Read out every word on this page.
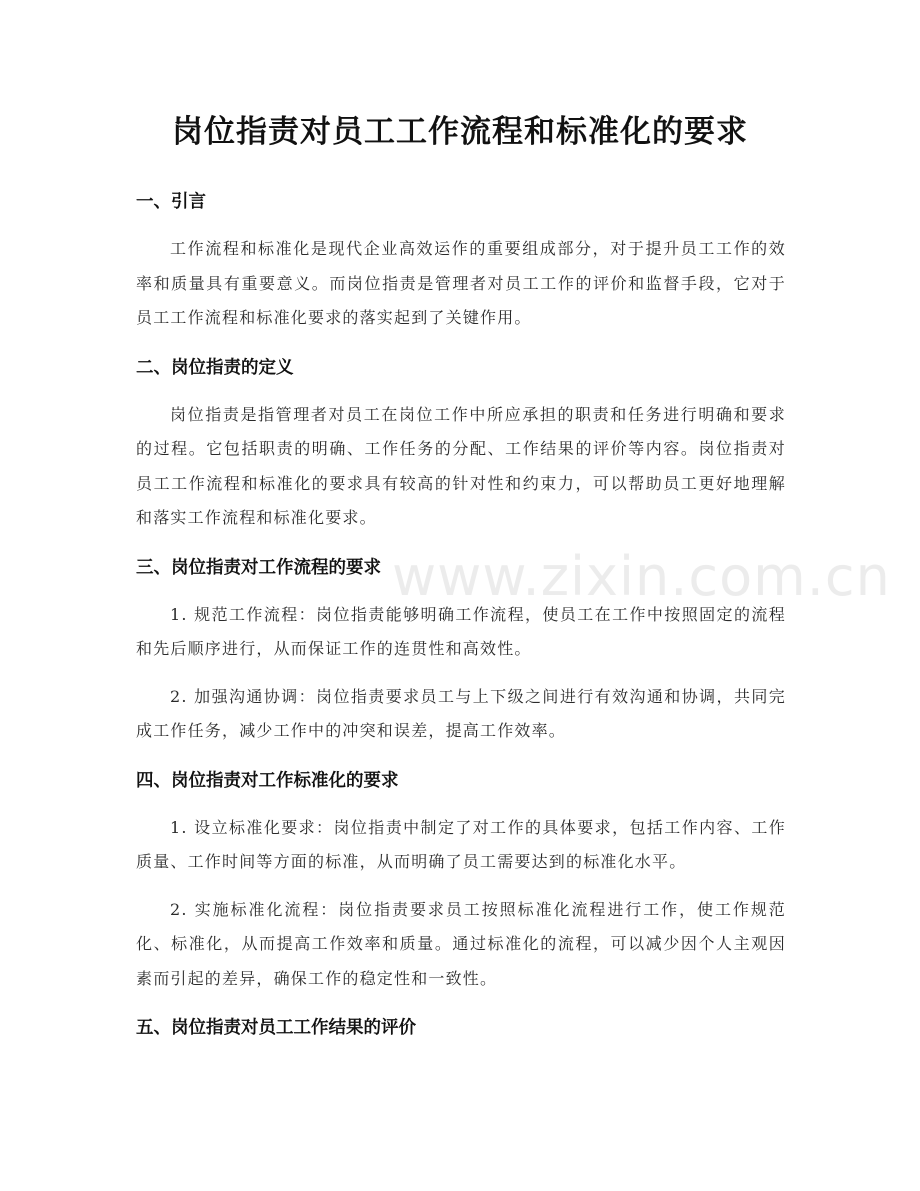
岗位指责对员工工作流程和标准化的要求
www.zixin.com.cn
一、引言

工作流程和标准化是现代企业高效运作的重要组成部分，对于提升员工工作的效率和质量具有重要意义。而岗位指责是管理者对员工工作的评价和监督手段，它对于员工工作流程和标准化要求的落实起到了关键作用。

二、岗位指责的定义

岗位指责是指管理者对员工在岗位工作中所应承担的职责和任务进行明确和要求的过程。它包括职责的明确、工作任务的分配、工作结果的评价等内容。岗位指责对员工工作流程和标准化的要求具有较高的针对性和约束力，可以帮助员工更好地理解和落实工作流程和标准化要求。

三、岗位指责对工作流程的要求

1. 规范工作流程：岗位指责能够明确工作流程，使员工在工作中按照固定的流程和先后顺序进行，从而保证工作的连贯性和高效性。

2. 加强沟通协调：岗位指责要求员工与上下级之间进行有效沟通和协调，共同完成工作任务，减少工作中的冲突和误差，提高工作效率。

四、岗位指责对工作标准化的要求

1. 设立标准化要求：岗位指责中制定了对工作的具体要求，包括工作内容、工作质量、工作时间等方面的标准，从而明确了员工需要达到的标准化水平。

2. 实施标准化流程：岗位指责要求员工按照标准化流程进行工作，使工作规范化、标准化，从而提高工作效率和质量。通过标准化的流程，可以减少因个人主观因素而引起的差异，确保工作的稳定性和一致性。

五、岗位指责对员工工作结果的评价
